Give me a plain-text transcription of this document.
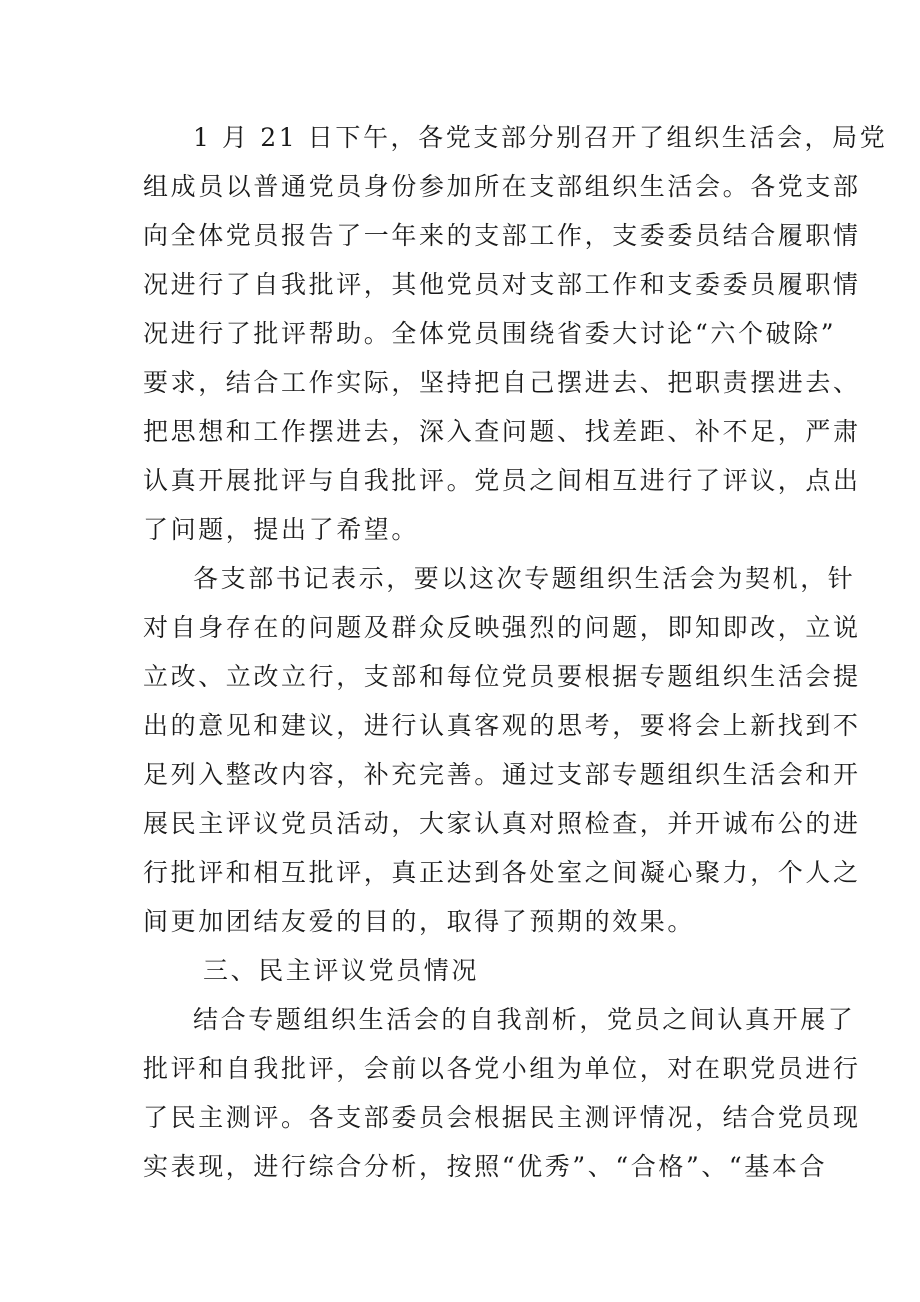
1 月 21 日下午，各党支部分别召开了组织生活会，局党
组成员以普通党员身份参加所在支部组织生活会。各党支部
向全体党员报告了一年来的支部工作，支委委员结合履职情
况进行了自我批评，其他党员对支部工作和支委委员履职情
况进行了批评帮助。全体党员围绕省委大讨论“六个破除”
要求，结合工作实际，坚持把自己摆进去、把职责摆进去、
把思想和工作摆进去，深入查问题、找差距、补不足，严肃
认真开展批评与自我批评。党员之间相互进行了评议，点出
了问题，提出了希望。
各支部书记表示，要以这次专题组织生活会为契机，针
对自身存在的问题及群众反映强烈的问题，即知即改，立说
立改、立改立行，支部和每位党员要根据专题组织生活会提
出的意见和建议，进行认真客观的思考，要将会上新找到不
足列入整改内容，补充完善。通过支部专题组织生活会和开
展民主评议党员活动，大家认真对照检查，并开诚布公的进
行批评和相互批评，真正达到各处室之间凝心聚力，个人之
间更加团结友爱的目的，取得了预期的效果。
三、民主评议党员情况
结合专题组织生活会的自我剖析，党员之间认真开展了
批评和自我批评，会前以各党小组为单位，对在职党员进行
了民主测评。各支部委员会根据民主测评情况，结合党员现
实表现，进行综合分析，按照“优秀”、“合格”、“基本合
